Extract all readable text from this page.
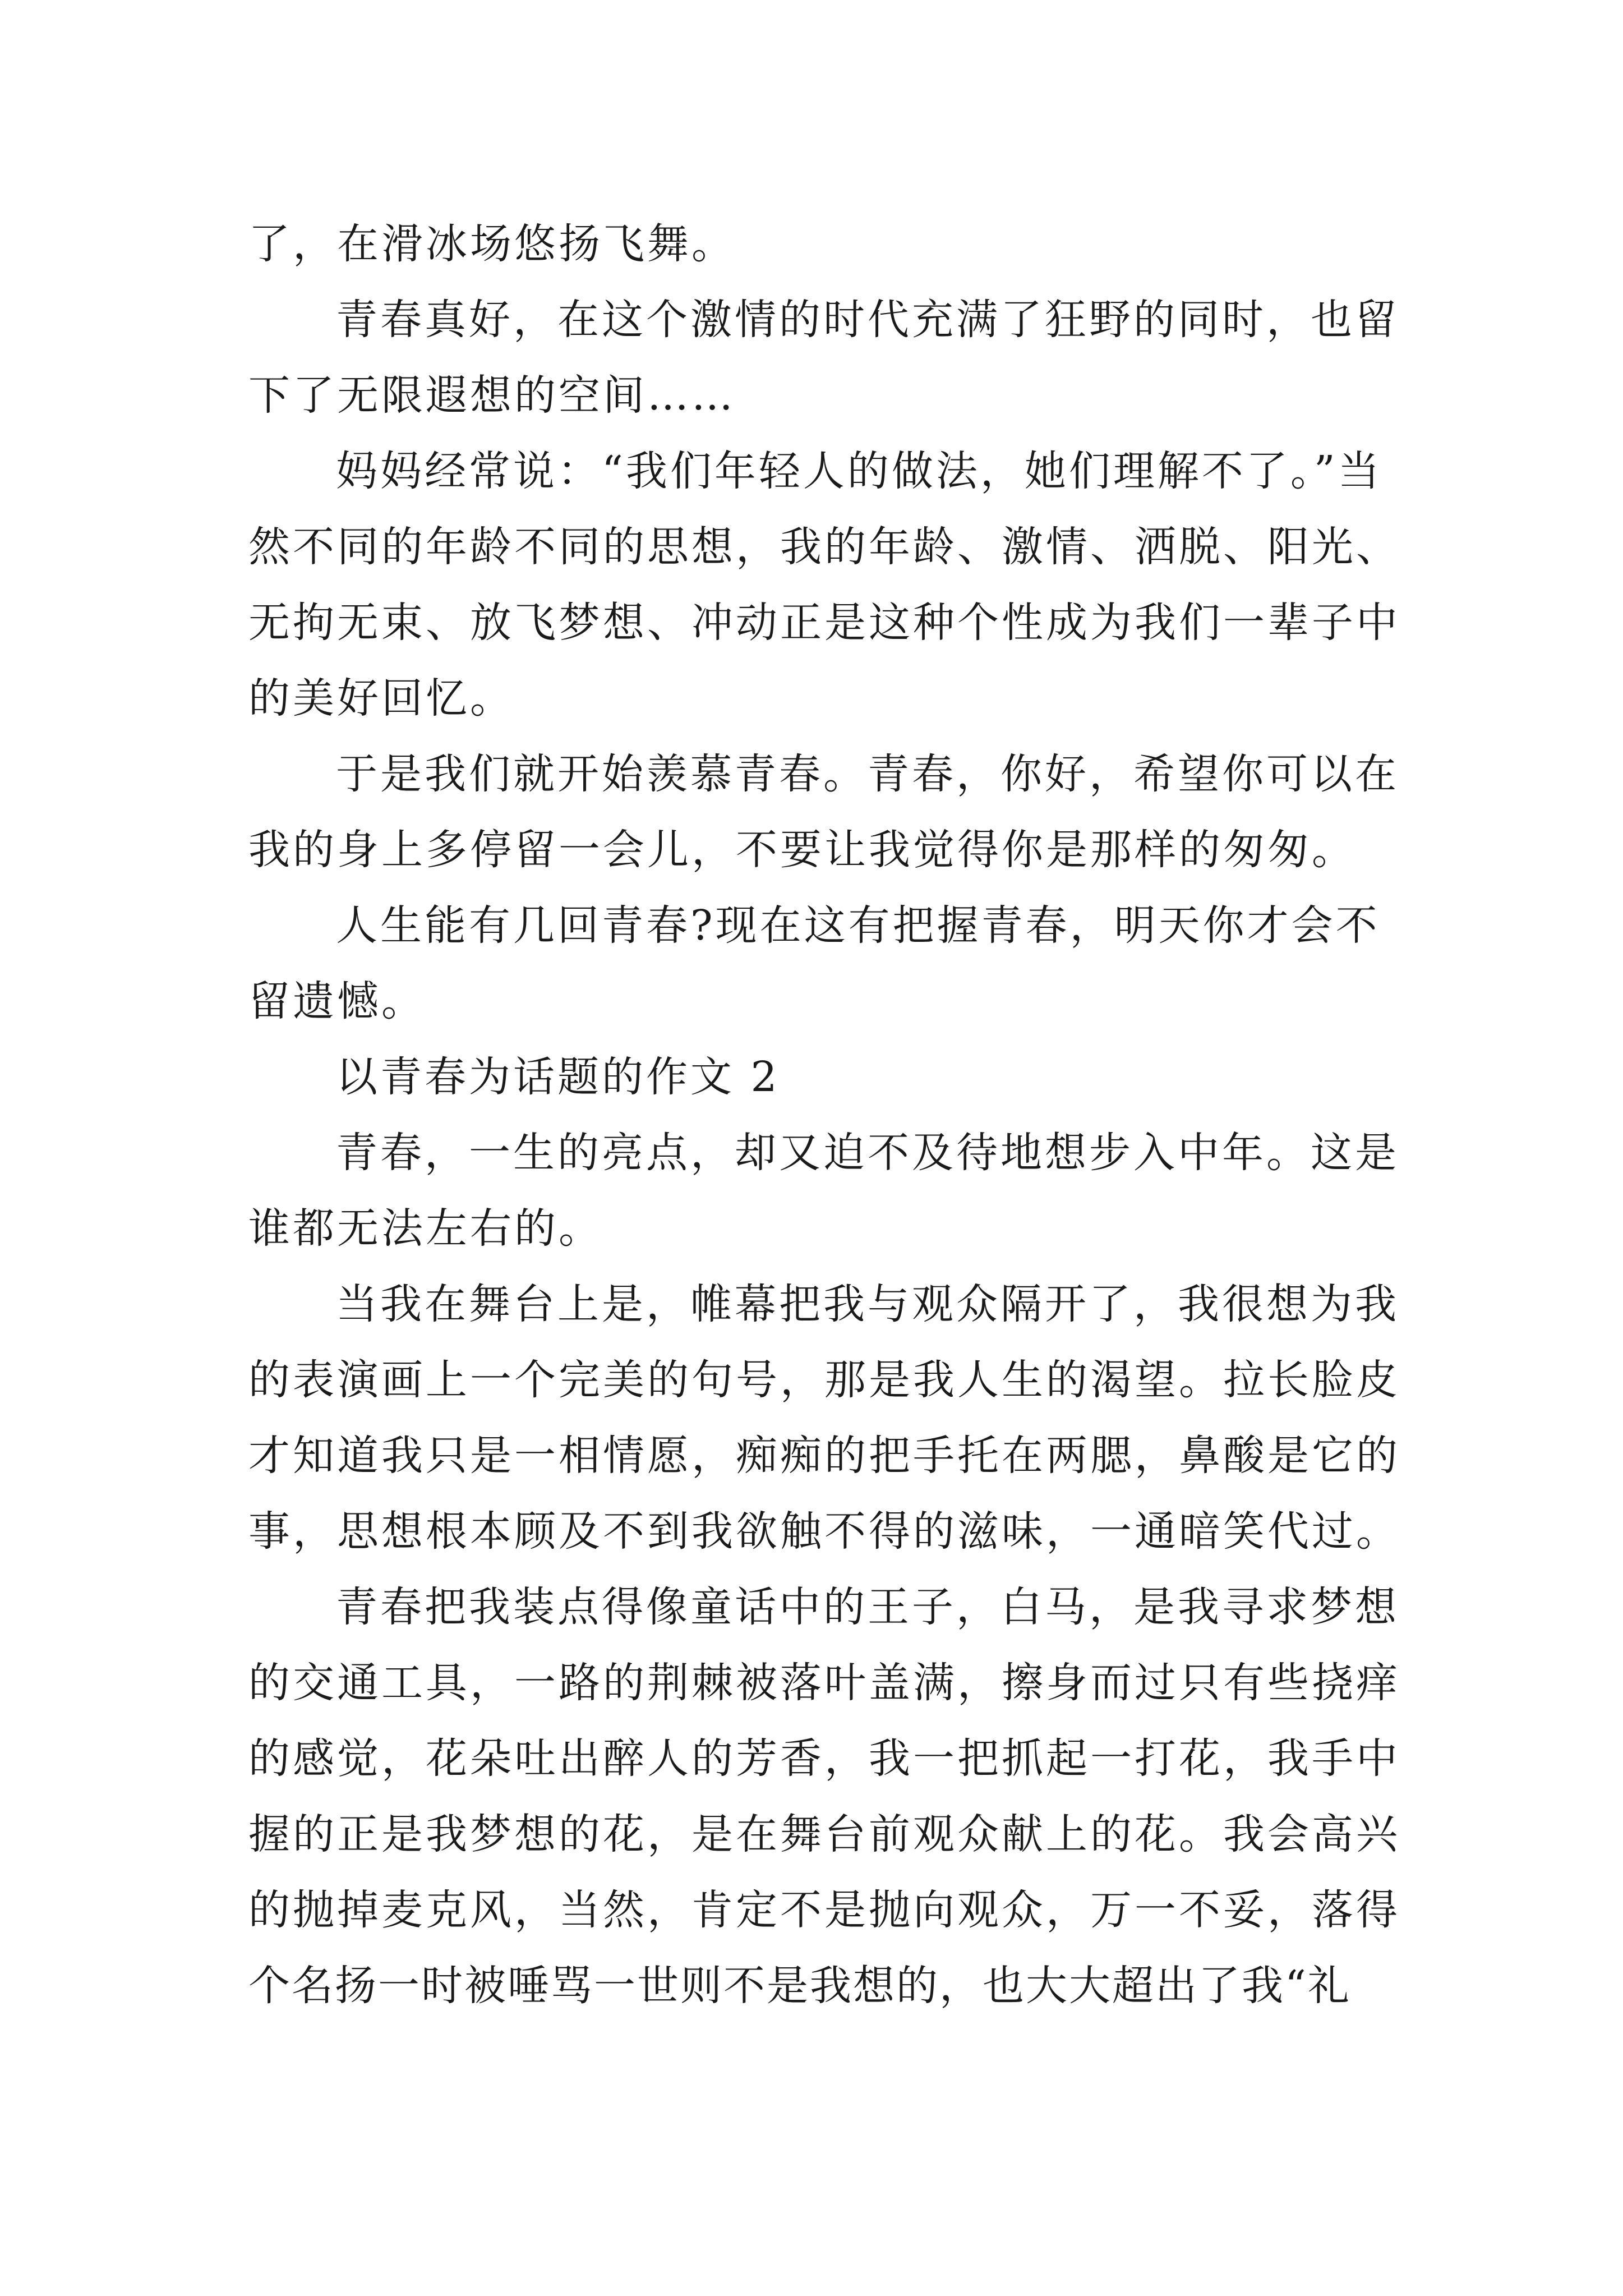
了，在滑冰场悠扬飞舞。
青春真好，在这个激情的时代充满了狂野的同时，也留
下了无限遐想的空间……
妈妈经常说：“我们年轻人的做法，她们理解不了。”当
然不同的年龄不同的思想，我的年龄、激情、洒脱、阳光、
无拘无束、放飞梦想、冲动正是这种个性成为我们一辈子中
的美好回忆。
于是我们就开始羡慕青春。青春，你好，希望你可以在
我的身上多停留一会儿，不要让我觉得你是那样的匆匆。
人生能有几回青春?现在这有把握青春，明天你才会不
留遗憾。
以青春为话题的作文 2
青春，一生的亮点，却又迫不及待地想步入中年。这是
谁都无法左右的。
当我在舞台上是，帷幕把我与观众隔开了，我很想为我
的表演画上一个完美的句号，那是我人生的渴望。拉长脸皮
才知道我只是一相情愿，痴痴的把手托在两腮，鼻酸是它的
事，思想根本顾及不到我欲触不得的滋味，一通暗笑代过。
青春把我装点得像童话中的王子，白马，是我寻求梦想
的交通工具，一路的荆棘被落叶盖满，擦身而过只有些挠痒
的感觉，花朵吐出醉人的芳香，我一把抓起一打花，我手中
握的正是我梦想的花，是在舞台前观众献上的花。我会高兴
的抛掉麦克风，当然，肯定不是抛向观众，万一不妥，落得
个名扬一时被唾骂一世则不是我想的，也大大超出了我“礼
